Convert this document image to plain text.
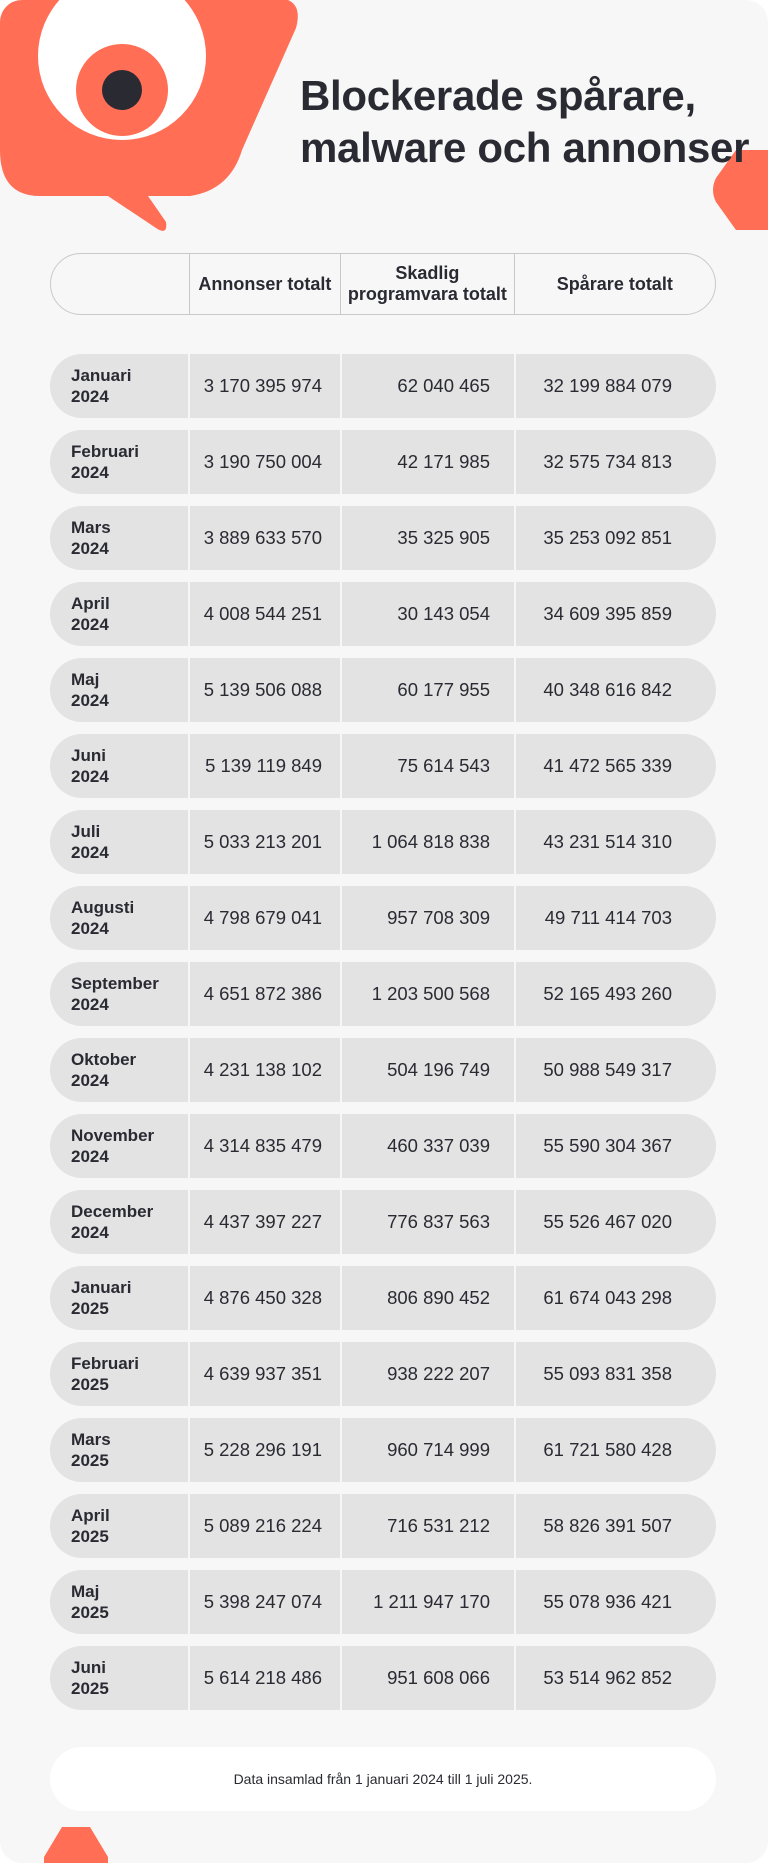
Blockerade spårare,
malware och annonser
Annonser totalt
Skadlig programvara totalt
Spårare totalt
Januari
2024
3 170 395 974	62 040 465	32 199 884 079
Februari
2024
3 190 750 004	42 171 985	32 575 734 813
Mars
2024
3 889 633 570	35 325 905	35 253 092 851
April
2024
4 008 544 251	30 143 054	34 609 395 859
Maj
2024
5 139 506 088	60 177 955	40 348 616 842
Juni
2024
5 139 119 849	75 614 543	41 472 565 339
Juli
2024
5 033 213 201	1 064 818 838	43 231 514 310
Augusti
2024
4 798 679 041	957 708 309	49 711 414 703
September
2024
4 651 872 386	1 203 500 568	52 165 493 260
Oktober
2024
4 231 138 102	504 196 749	50 988 549 317
November
2024
4 314 835 479	460 337 039	55 590 304 367
December
2024
4 437 397 227	776 837 563	55 526 467 020
Januari
2025
4 876 450 328	806 890 452	61 674 043 298
Februari
2025
4 639 937 351	938 222 207	55 093 831 358
Mars
2025
5 228 296 191	960 714 999	61 721 580 428
April
2025
5 089 216 224	716 531 212	58 826 391 507
Maj
2025
5 398 247 074	1 211 947 170	55 078 936 421
Juni
2025
5 614 218 486	951 608 066	53 514 962 852
Data insamlad från 1 januari 2024 till 1 juli 2025.
